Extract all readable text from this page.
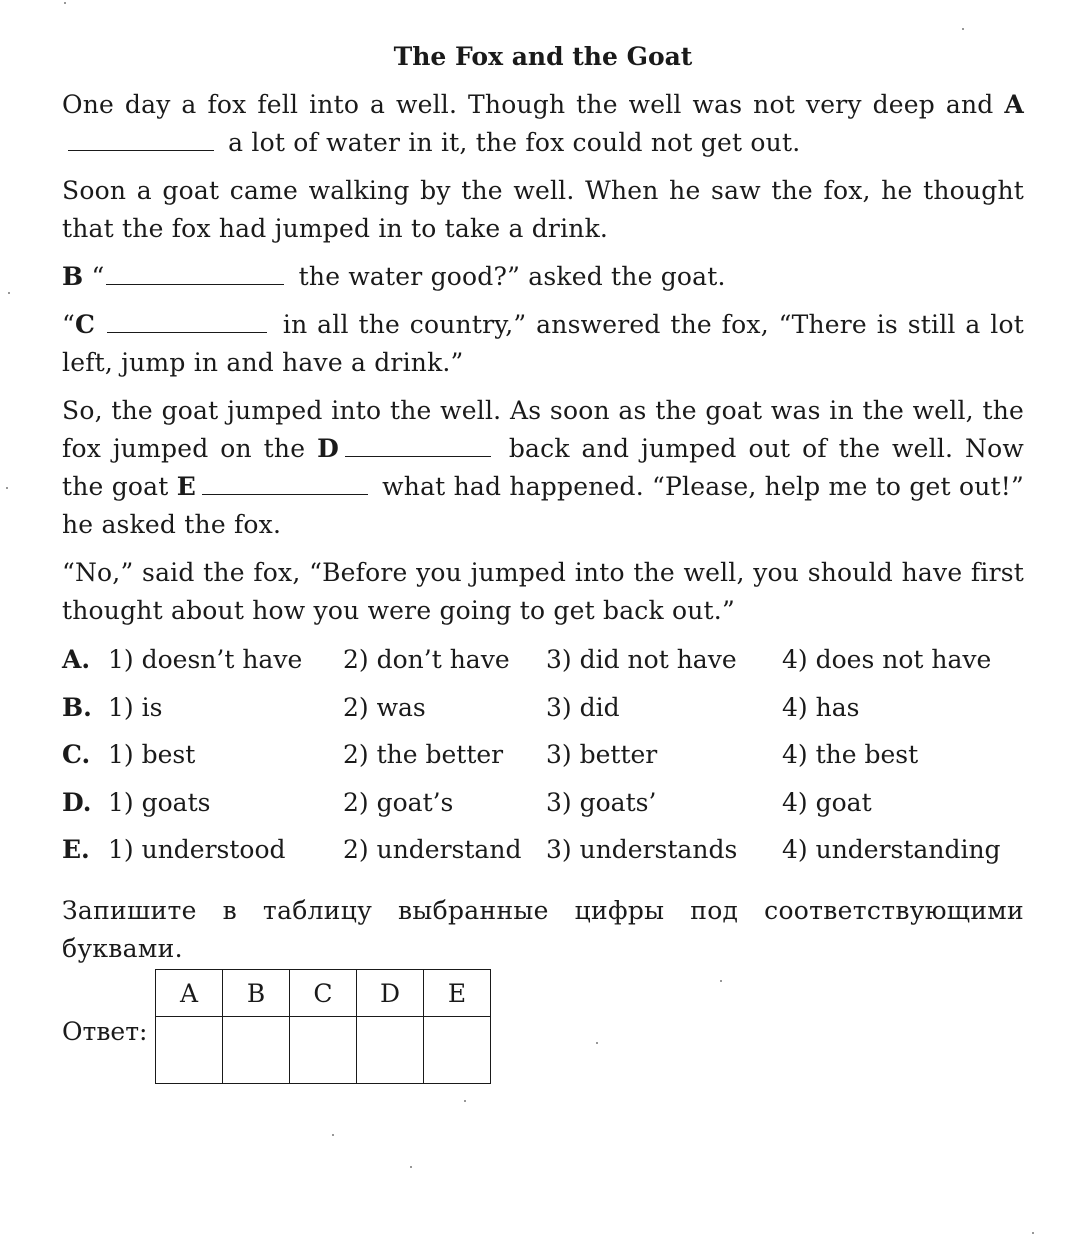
The Fox and the Goat

One day a fox fell into a well. Though the well was not very deep and A a lot of water in it, the fox could not get out.

Soon a goat came walking by the well. When he saw the fox, he thought that the fox had jumped in to take a drink.

B “	the water good?” asked the goat.

“C	in all the country,” answered the fox, “There is still a lot left, jump in and have a drink.”

So, the goat jumped into the well. As soon as the goat was in the well, the fox jumped on the D	back and jumped out of the well. Now the goat E	what had happened. “Please, help me to get out!” he asked the fox.

“No,” said the fox, “Before you jumped into the well, you should have first thought about how you were going to get back out.”

A. 1) doesn’t have	2) don’t have	3) did not have	4) does not have
B. 1) is	2) was	3) did	4) has
C. 1) best	2) the better	3) better	4) the best
D. 1) goats	2) goat’s	3) goats’	4) goat
E. 1) understood	2) understand 3) understands	4) understanding

Запишите в таблицу выбранные цифры под соответствующими буквами.

Ответ:
A	B	C	D	E
